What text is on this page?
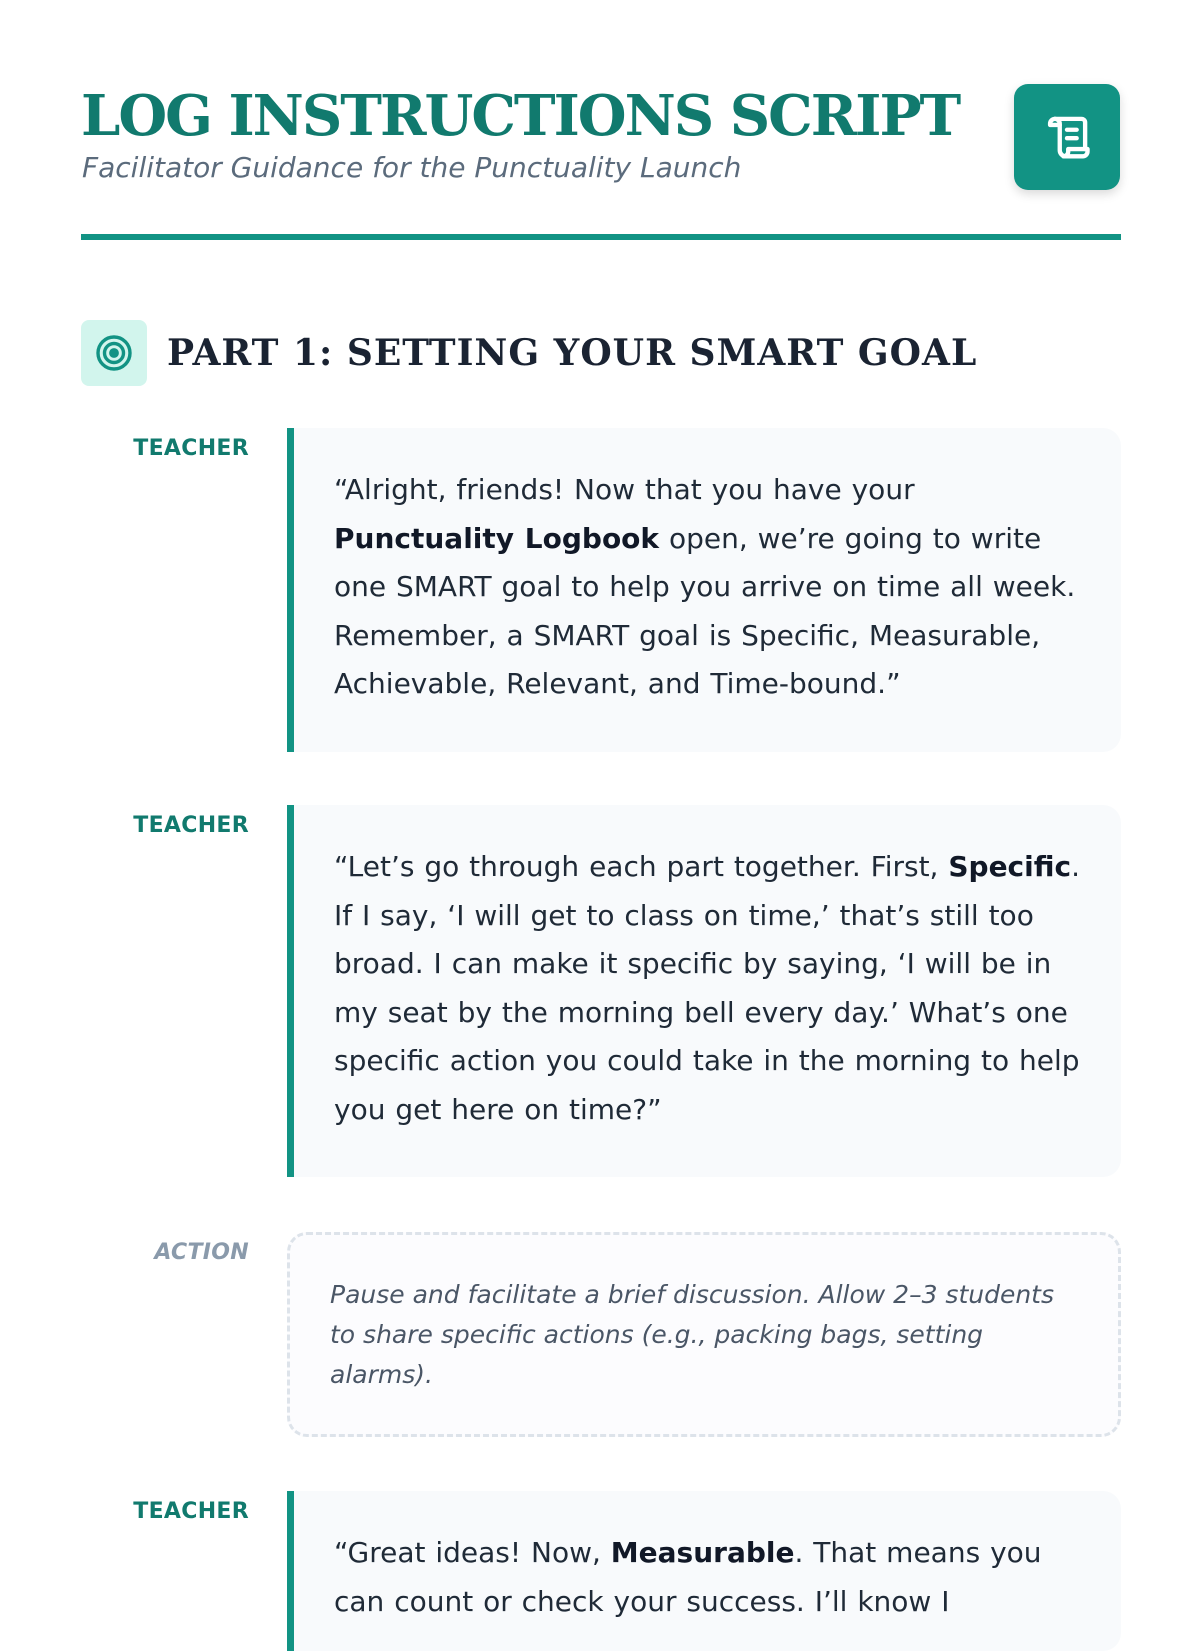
LOG INSTRUCTIONS SCRIPT
Facilitator Guidance for the Punctuality Launch
PART 1: SETTING YOUR SMART GOAL
TEACHER
“Alright, friends! Now that you have your Punctuality Logbook open, we’re going to write one SMART goal to help you arrive on time all week. Remember, a SMART goal is Specific, Measurable, Achievable, Relevant, and Time-bound.”
TEACHER
“Let’s go through each part together. First, Specific. If I say, ‘I will get to class on time,’ that’s still too broad. I can make it specific by saying, ‘I will be in my seat by the morning bell every day.’ What’s one specific action you could take in the morning to help you get here on time?”
ACTION
Pause and facilitate a brief discussion. Allow 2–3 students to share specific actions (e.g., packing bags, setting alarms).
TEACHER
“Great ideas! Now, Measurable. That means you can count or check your success. I’ll know I
